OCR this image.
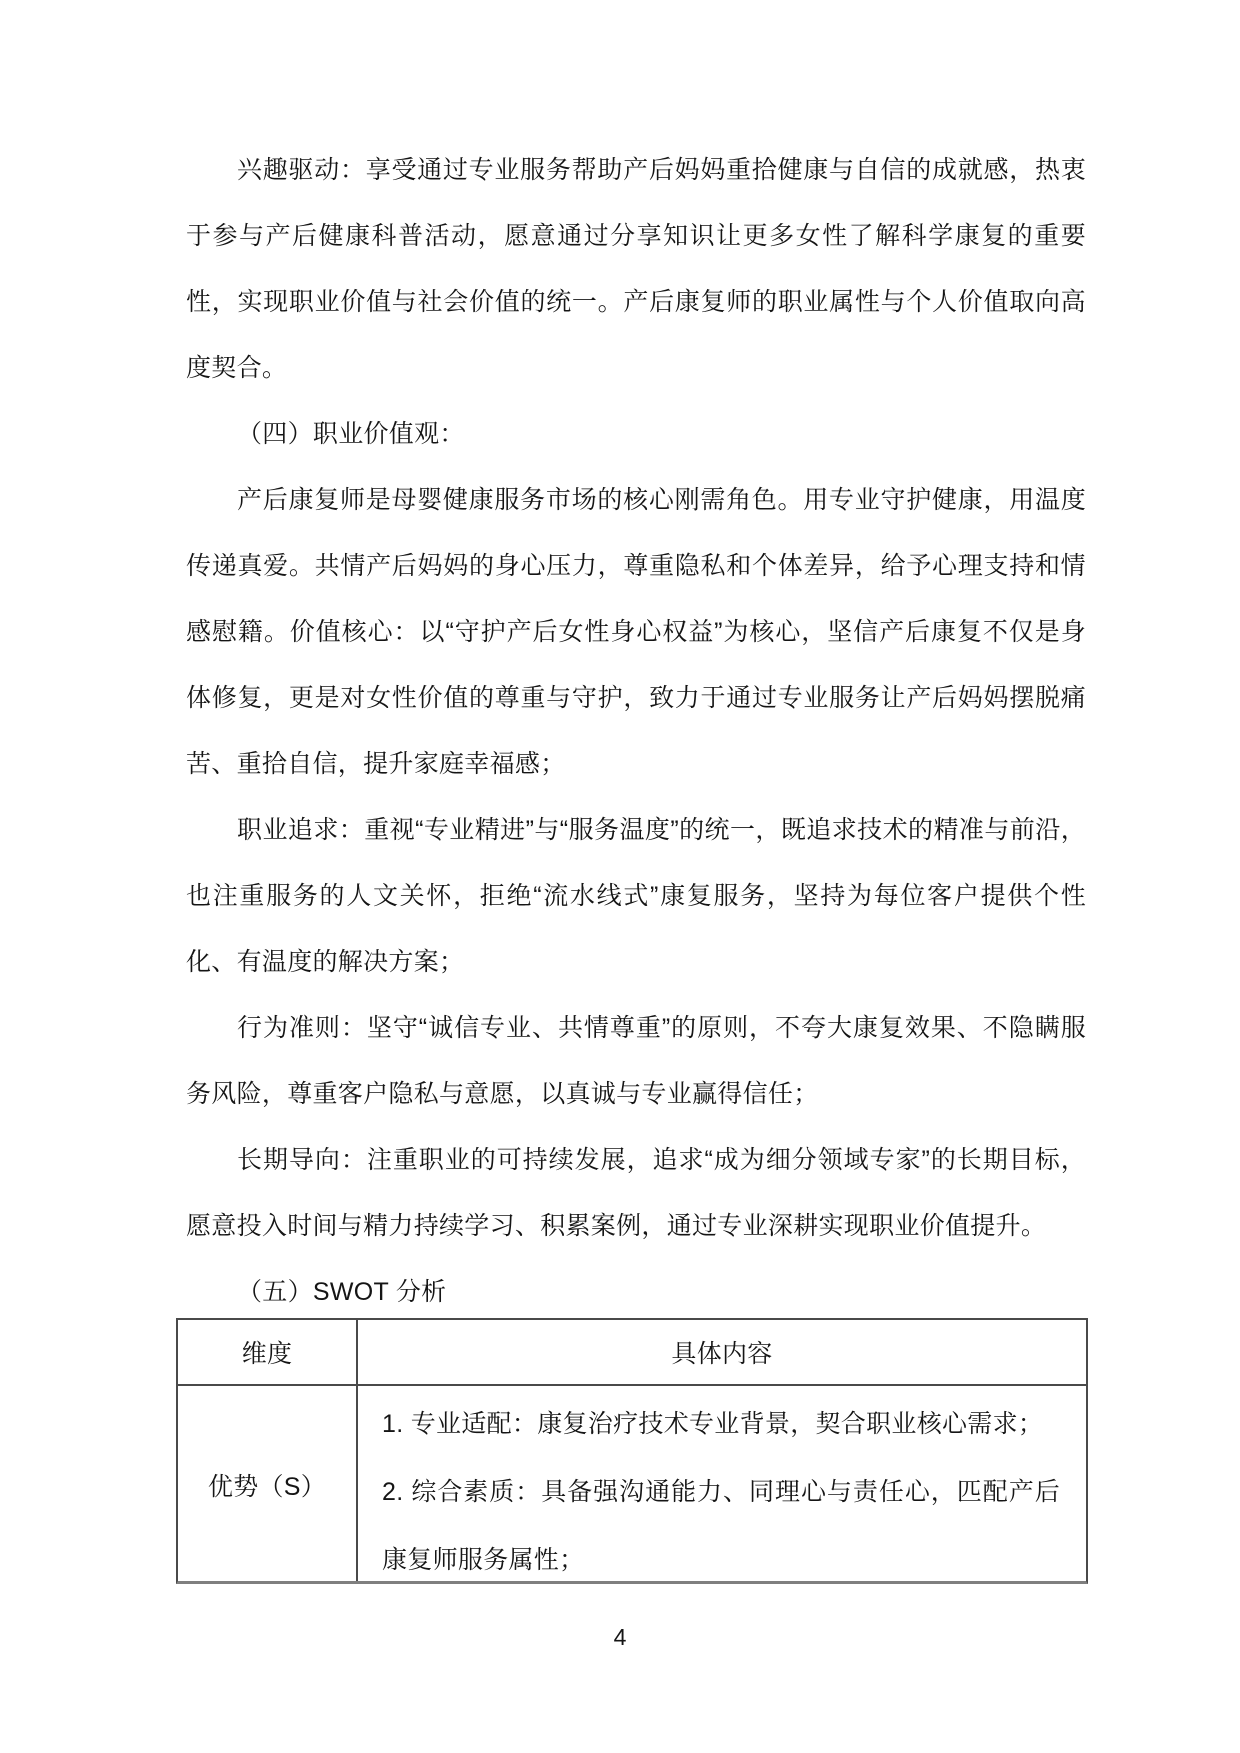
兴趣驱动：享受通过专业服务帮助产后妈妈重拾健康与自信的成就感，热衷于参与产后健康科普活动，愿意通过分享知识让更多女性了解科学康复的重要性，实现职业价值与社会价值的统一。产后康复师的职业属性与个人价值取向高度契合。

（四）职业价值观：

产后康复师是母婴健康服务市场的核心刚需角色。用专业守护健康，用温度传递真爱。共情产后妈妈的身心压力，尊重隐私和个体差异，给予心理支持和情感慰籍。价值核心：以“守护产后女性身心权益”为核心，坚信产后康复不仅是身体修复，更是对女性价值的尊重与守护，致力于通过专业服务让产后妈妈摆脱痛苦、重拾自信，提升家庭幸福感；

职业追求：重视“专业精进”与“服务温度”的统一，既追求技术的精准与前沿，也注重服务的人文关怀，拒绝“流水线式”康复服务，坚持为每位客户提供个性化、有温度的解决方案；

行为准则：坚守“诚信专业、共情尊重”的原则，不夸大康复效果、不隐瞒服务风险，尊重客户隐私与意愿，以真诚与专业赢得信任；

长期导向：注重职业的可持续发展，追求“成为细分领域专家”的长期目标，愿意投入时间与精力持续学习、积累案例，通过专业深耕实现职业价值提升。

（五）SWOT 分析

维度	具体内容
优势（S）

1. 专业适配：康复治疗技术专业背景，契合职业核心需求；

2. 综合素质：具备强沟通能力、同理心与责任心，匹配产后康复师服务属性；

4
